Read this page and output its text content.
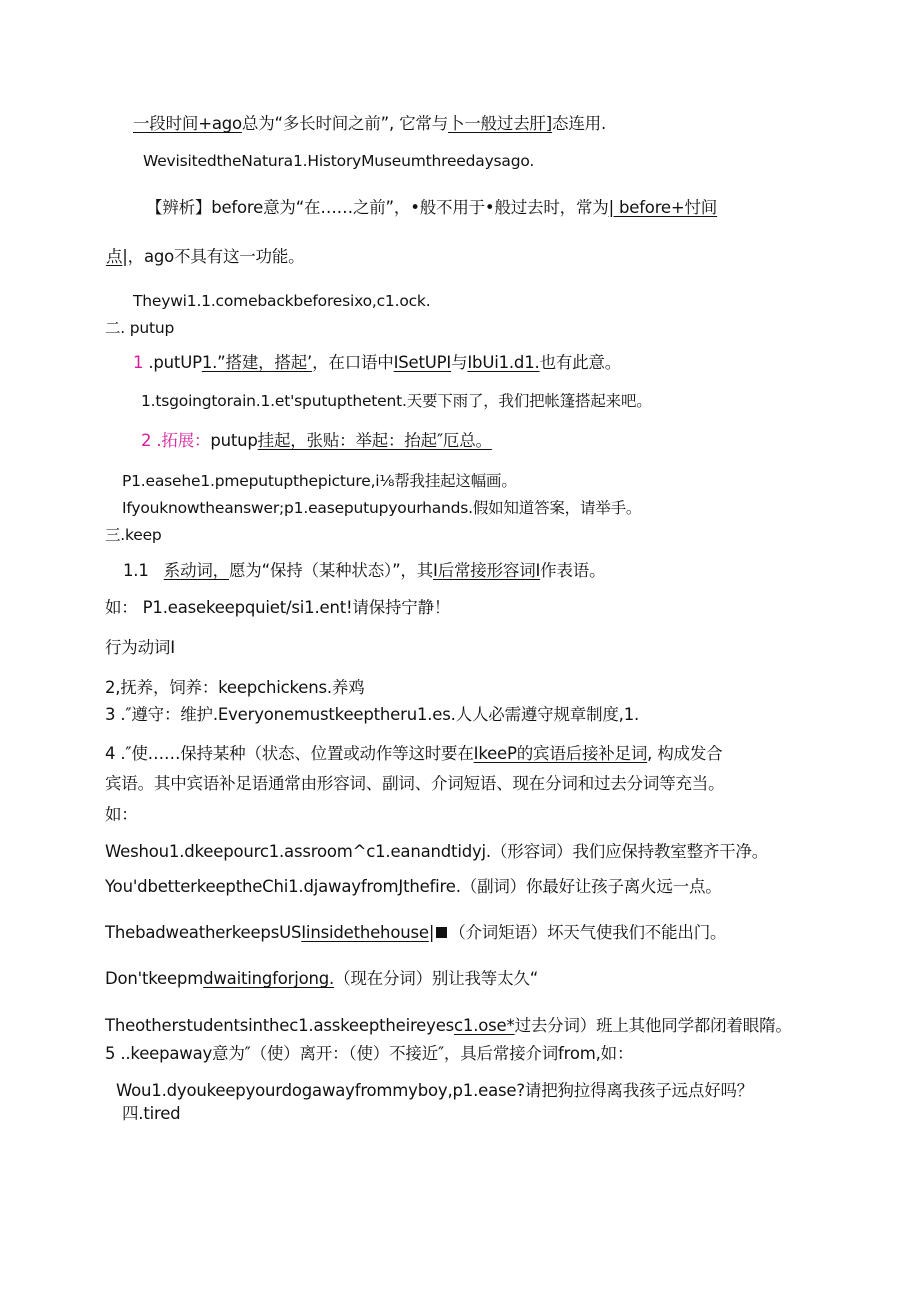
一段时间+ago总为“多长时间之前”, 它常与卜一般过去肝]态连用.
WevisitedtheNatura1.HistoryMuseumthreedaysago.
【辨析】before意为“在……之前”，•般不用于•般过去时，常为| before+忖间
点|，ago不具有这一功能。
Theywi1.1.comebackbeforesixo,c1.ock.
二. putup
1 .putUP1.”搭建，搭起’，在口语中ISetUPI与IbUi1.d1.也有此意。
1.tsgoingtorain.1.et'sputupthetent.天要下雨了，我们把帐篷搭起来吧。
2 .拓展：putup挂起，张贴：举起：抬起″厄总。
P1.easehe1.pmeputupthepicture,i⅛帮我挂起这幅画。
Ifyouknowtheanswer;p1.easeputupyourhands.假如知道答案，请举手。
三.keep
1.1 系动词，愿为“保持（某种状态）”，其I后常接形容词I作表语。
如： P1.easekeepquiet/si1.ent!请保持宁静！
行为动词I
2,抚养，饲养：keepchickens.养鸡
3 .″遵守：维护.Everyonemustkeeptheru1.es.人人必需遵守规章制度,1.
4 .″使……保持某种（状态、位置或动作等这时要在IkeeP的宾语后接补足词, 构成发合
宾语。其中宾语补足语通常由形容词、副词、介词短语、现在分词和过去分词等充当。
如：
Weshou1.dkeepourc1.assroom^c1.eanandtidyj.（形容词）我们应保持教室整齐干净。
You'dbetterkeeptheChi1.djawayfromJthefire.（副词）你最好让孩子离火远一点。
ThebadweatherkeepsUSIinsidethehouse| （介词矩语）坏天气使我们不能出门。
Don'tkeepmdwaitingforjong.（现在分词）别让我等太久“
Theotherstudentsinthec1.asskeeptheireyesc1.ose*过去分词）班上其他同学都闭着眼隋。
5 ..keepaway意为″（使）离开：（使）不接近″，具后常接介词from,如：
Wou1.dyoukeepyourdogawayfrommyboy,p1.ease?请把狗拉得离我孩子远点好吗？
四.tired
